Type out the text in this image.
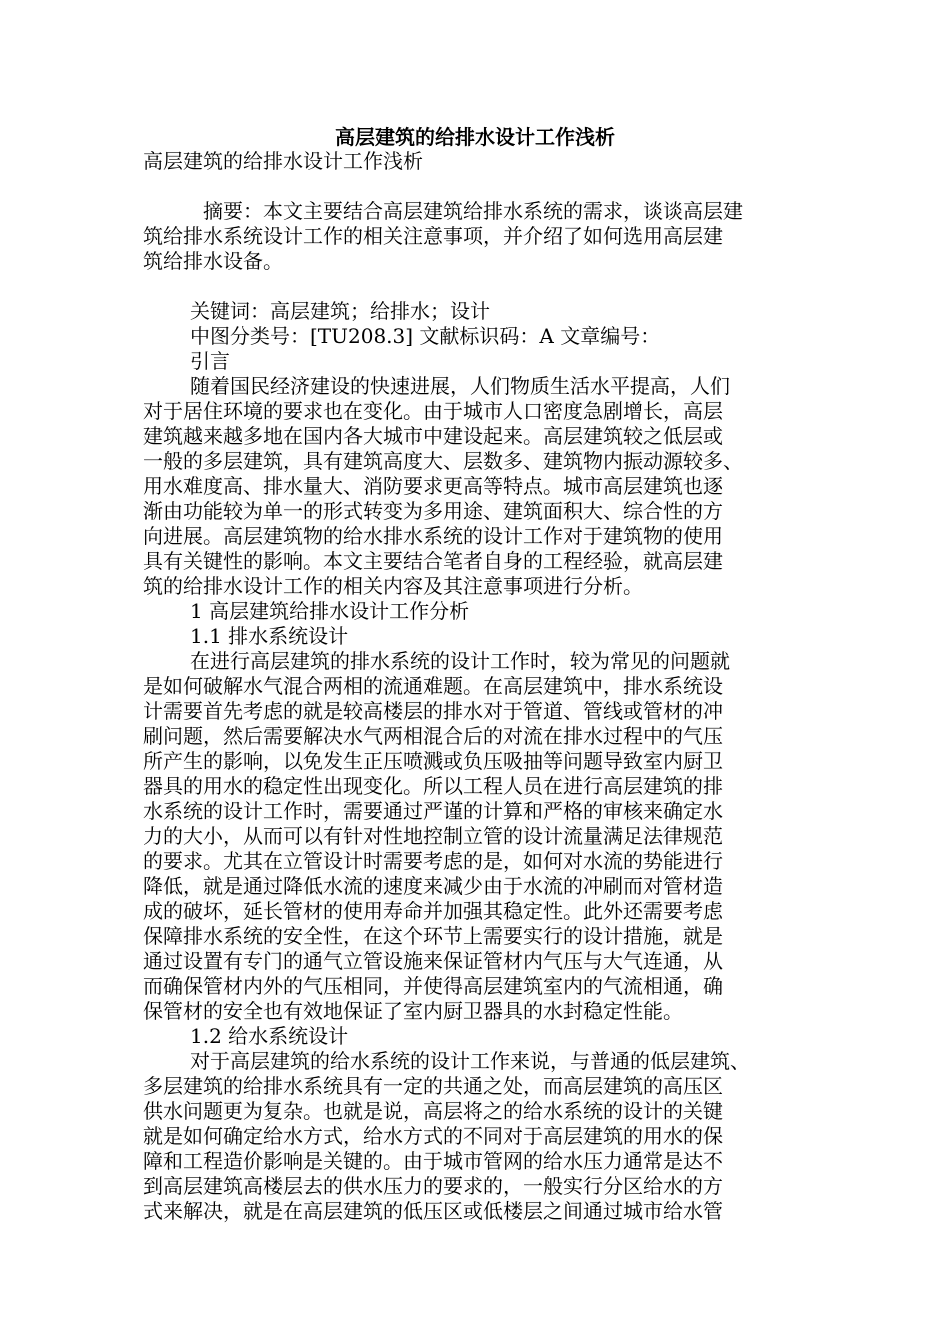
高层建筑的给排水设计工作浅析

高层建筑的给排水设计工作浅析

摘要：本文主要结合高层建筑给排水系统的需求，谈谈高层建

筑给排水系统设计工作的相关注意事项，并介绍了如何选用高层建

筑给排水设备。

关键词：高层建筑；给排水；设计

中图分类号：[TU208.3] 文献标识码：A 文章编号：

引言

随着国民经济建设的快速进展，人们物质生活水平提高，人们

对于居住环境的要求也在变化。由于城市人口密度急剧增长，高层

建筑越来越多地在国内各大城市中建设起来。高层建筑较之低层或

一般的多层建筑，具有建筑高度大、层数多、建筑物内振动源较多、

用水难度高、排水量大、消防要求更高等特点。城市高层建筑也逐

渐由功能较为单一的形式转变为多用途、建筑面积大、综合性的方

向进展。高层建筑物的给水排水系统的设计工作对于建筑物的使用

具有关键性的影响。本文主要结合笔者自身的工程经验，就高层建

筑的给排水设计工作的相关内容及其注意事项进行分析。

1 高层建筑给排水设计工作分析

1.1 排水系统设计

在进行高层建筑的排水系统的设计工作时，较为常见的问题就

是如何破解水气混合两相的流通难题。在高层建筑中，排水系统设

计需要首先考虑的就是较高楼层的排水对于管道、管线或管材的冲

刷问题，然后需要解决水气两相混合后的对流在排水过程中的气压

所产生的影响，以免发生正压喷溅或负压吸抽等问题导致室内厨卫

器具的用水的稳定性出现变化。所以工程人员在进行高层建筑的排

水系统的设计工作时，需要通过严谨的计算和严格的审核来确定水

力的大小，从而可以有针对性地控制立管的设计流量满足法律规范

的要求。尤其在立管设计时需要考虑的是，如何对水流的势能进行

降低，就是通过降低水流的速度来减少由于水流的冲刷而对管材造

成的破坏，延长管材的使用寿命并加强其稳定性。此外还需要考虑

保障排水系统的安全性，在这个环节上需要实行的设计措施，就是

通过设置有专门的通气立管设施来保证管材内气压与大气连通，从

而确保管材内外的气压相同，并使得高层建筑室内的气流相通，确

保管材的安全也有效地保证了室内厨卫器具的水封稳定性能。

1.2 给水系统设计

对于高层建筑的给水系统的设计工作来说，与普通的低层建筑、

多层建筑的给排水系统具有一定的共通之处，而高层建筑的高压区

供水问题更为复杂。也就是说，高层将之的给水系统的设计的关键

就是如何确定给水方式，给水方式的不同对于高层建筑的用水的保

障和工程造价影响是关键的。由于城市管网的给水压力通常是达不

到高层建筑高楼层去的供水压力的要求的，一般实行分区给水的方

式来解决，就是在高层建筑的低压区或低楼层之间通过城市给水管
